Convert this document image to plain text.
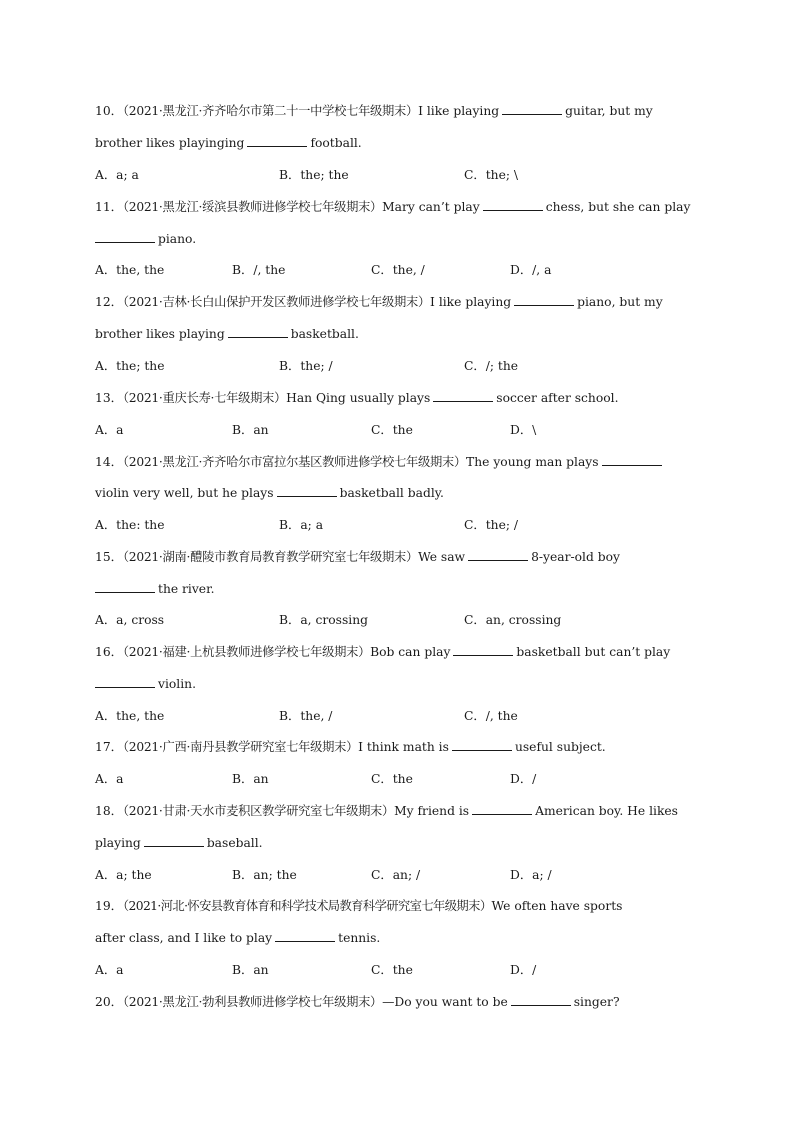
10．（2021·黑龙江·齐齐哈尔市第二十一中学校七年级期末）I like playing	guitar, but my
brother likes playinging	football.
A．a; a	B．the; the	C．the; \
11．（2021·黑龙江·绥滨县教师进修学校七年级期末）Mary can’t play	chess, but she can play
piano.
A．the, the	B．/, the	C．the, /	D．/, a
12．（2021·吉林·长白山保护开发区教师进修学校七年级期末）I like playing	piano, but my
brother likes playing	basketball.
A．the; the	B．the; /	C．/; the
13．（2021·重庆长寿·七年级期末）Han Qing usually plays	soccer after school.
A．a	B．an	C．the	D．\
14．（2021·黑龙江·齐齐哈尔市富拉尔基区教师进修学校七年级期末）The young man plays
violin very well, but he plays	basketball badly.
A．the: the	B．a; a	C．the; /
15．（2021·湖南·醴陵市教育局教育教学研究室七年级期末）We saw	8-year-old boy
the river.
A．a, cross	B．a, crossing	C．an, crossing
16．（2021·福建·上杭县教师进修学校七年级期末）Bob can play	basketball but can’t play
violin.
A．the, the	B．the, /	C．/, the
17．（2021·广西·南丹县教学研究室七年级期末）I think math is	useful subject.
A．a	B．an	C．the	D．/
18．（2021·甘肃·天水市麦积区教学研究室七年级期末）My friend is	American boy. He likes
playing	baseball.
A．a; the	B．an; the	C．an; /	D．a; /
19．（2021·河北·怀安县教育体育和科学技术局教育科学研究室七年级期末）We often have sports
after class, and I like to play	tennis.
A．a	B．an	C．the	D．/
20．（2021·黑龙江·勃利县教师进修学校七年级期末）—Do you want to be	singer?
